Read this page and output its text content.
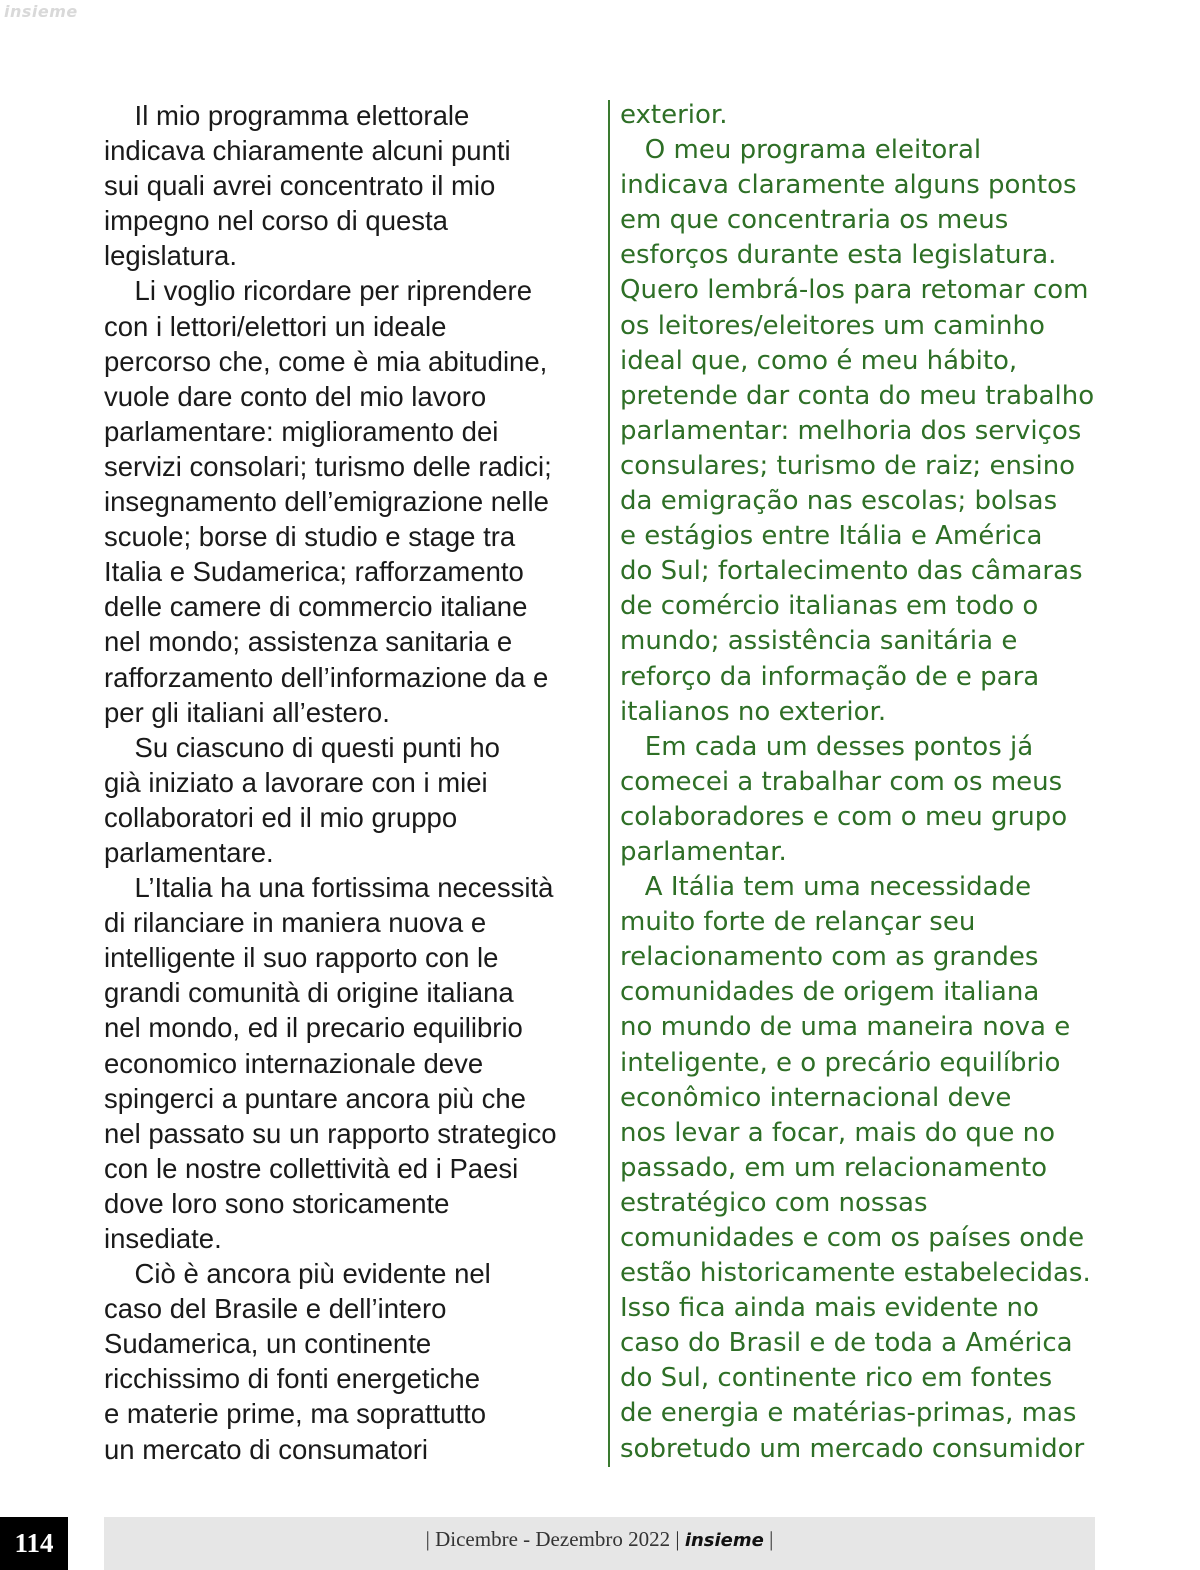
insieme

Il mio programma elettorale

indicava chiaramente alcuni punti

sui quali avrei concentrato il mio

impegno nel corso di questa

legislatura.

Li voglio ricordare per riprendere

con i lettori/elettori un ideale

percorso che, come è mia abitudine,

vuole dare conto del mio lavoro

parlamentare: miglioramento dei

servizi consolari; turismo delle radici;

insegnamento dell’emigrazione nelle

scuole; borse di studio e stage tra

Italia e Sudamerica; rafforzamento

delle camere di commercio italiane

nel mondo; assistenza sanitaria e

rafforzamento dell’informazione da e

per gli italiani all’estero.

Su ciascuno di questi punti ho

già iniziato a lavorare con i miei

collaboratori ed il mio gruppo

parlamentare.

L’Italia ha una fortissima necessità

di rilanciare in maniera nuova e

intelligente il suo rapporto con le

grandi comunità di origine italiana

nel mondo, ed il precario equilibrio

economico internazionale deve

spingerci a puntare ancora più che

nel passato su un rapporto strategico

con le nostre collettività ed i Paesi

dove loro sono storicamente

insediate.

Ciò è ancora più evidente nel

caso del Brasile e dell’intero

Sudamerica, un continente

ricchissimo di fonti energetiche

e materie prime, ma soprattutto

un mercato di consumatori

exterior.

O meu programa eleitoral

indicava claramente alguns pontos

em que concentraria os meus

esforços durante esta legislatura.

Quero lembrá-los para retomar com

os leitores/eleitores um caminho

ideal que, como é meu hábito,

pretende dar conta do meu trabalho

parlamentar: melhoria dos serviços

consulares; turismo de raiz; ensino

da emigração nas escolas; bolsas

e estágios entre Itália e América

do Sul; fortalecimento das câmaras

de comércio italianas em todo o

mundo; assistência sanitária e

reforço da informação de e para

italianos no exterior.

Em cada um desses pontos já

comecei a trabalhar com os meus

colaboradores e com o meu grupo

parlamentar.

A Itália tem uma necessidade

muito forte de relançar seu

relacionamento com as grandes

comunidades de origem italiana

no mundo de uma maneira nova e

inteligente, e o precário equilíbrio

econômico internacional deve

nos levar a focar, mais do que no

passado, em um relacionamento

estratégico com nossas

comunidades e com os países onde

estão historicamente estabelecidas.

Isso fica ainda mais evidente no

caso do Brasil e de toda a América

do Sul, continente rico em fontes

de energia e matérias-primas, mas

sobretudo um mercado consumidor

| Dicembre - Dezembro 2022 | insieme |
114
